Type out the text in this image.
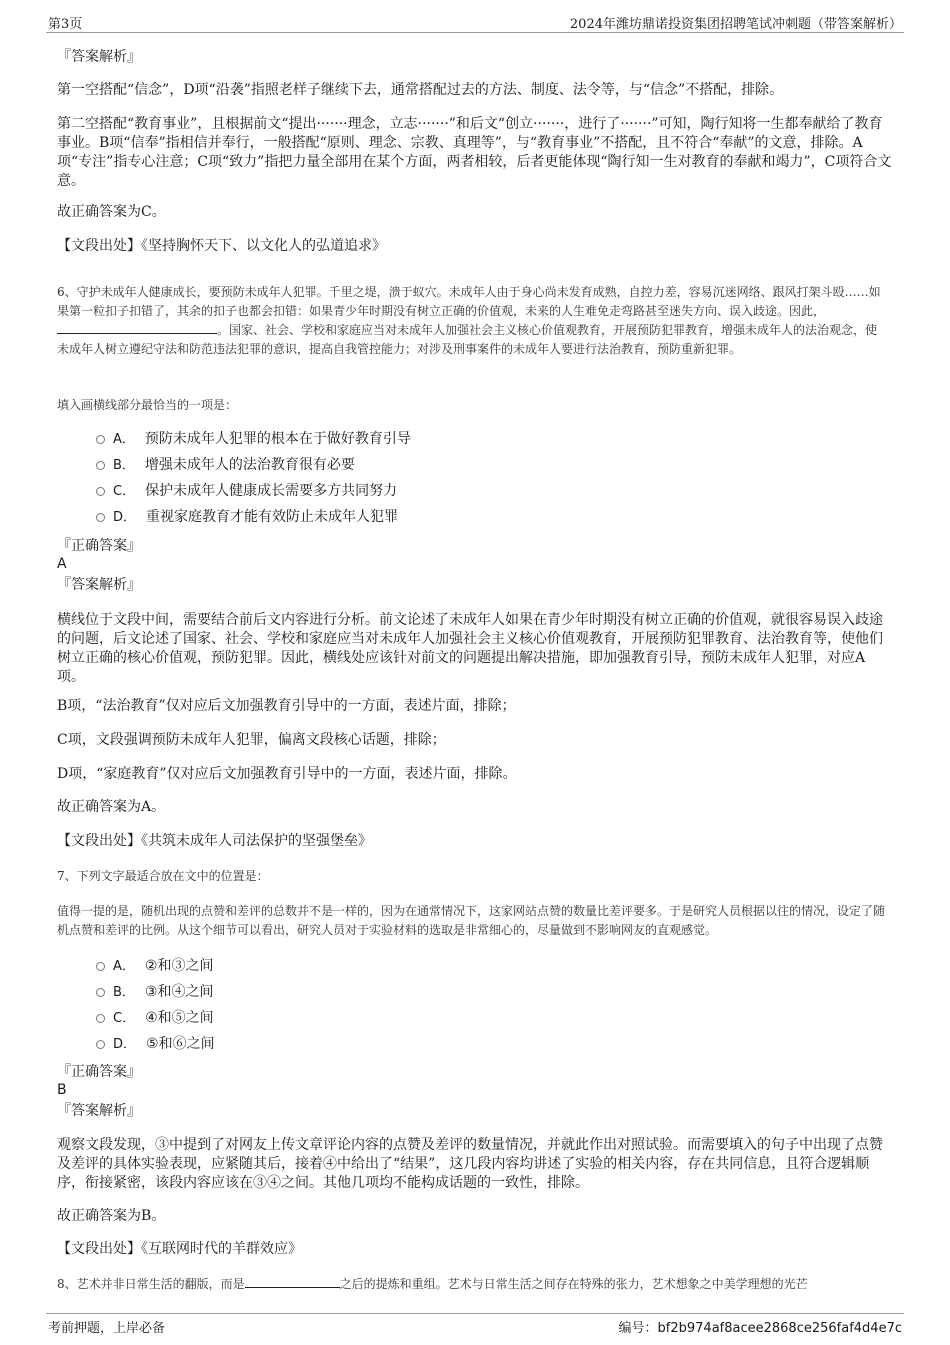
第3页	2024年潍坊鼎诺投资集团招聘笔试冲刺题（带答案解析）

『答案解析』

第一空搭配“信念”，D项“沿袭”指照老样子继续下去，通常搭配过去的方法、制度、法令等，与“信念”不搭配，排除。

第二空搭配“教育事业”，且根据前文“提出·······理念，立志·······”和后文“创立·······，进行了·······”可知，陶行知将一生都奉献给了教育事业。B项“信奉”指相信并奉行，一般搭配“原则、理念、宗教、真理等”，与“教育事业”不搭配，且不符合“奉献”的文意，排除。A项“专注”指专心注意；C项“致力”指把力量全部用在某个方面，两者相较，后者更能体现“陶行知一生对教育的奉献和竭力”，C项符合文意。

故正确答案为C。

【文段出处】《坚持胸怀天下、以文化人的弘道追求》

6、守护未成年人健康成长，要预防未成年人犯罪。千里之堤，溃于蚁穴。未成年人由于身心尚未发育成熟，自控力差，容易沉迷网络、跟风打架斗殴……如果第一粒扣子扣错了，其余的扣子也都会扣错：如果青少年时期没有树立正确的价值观，未来的人生难免走弯路甚至迷失方向、误入歧途。因此，。国家、社会、学校和家庭应当对未成年人加强社会主义核心价值观教育，开展预防犯罪教育，增强未成年人的法治观念，使未成年人树立遵纪守法和防范违法犯罪的意识，提高自我管控能力；对涉及刑事案件的未成年人要进行法治教育，预防重新犯罪。

填入画横线部分最恰当的一项是：

A． 预防未成年人犯罪的根本在于做好教育引导
B． 增强未成年人的法治教育很有必要
C． 保护未成年人健康成长需要多方共同努力
D． 重视家庭教育才能有效防止未成年人犯罪

『正确答案』

A

『答案解析』

横线位于文段中间，需要结合前后文内容进行分析。前文论述了未成年人如果在青少年时期没有树立正确的价值观，就很容易误入歧途的问题，后文论述了国家、社会、学校和家庭应当对未成年人加强社会主义核心价值观教育，开展预防犯罪教育、法治教育等，使他们树立正确的核心价值观，预防犯罪。因此，横线处应该针对前文的问题提出解决措施，即加强教育引导，预防未成年人犯罪，对应A项。

B项，“法治教育”仅对应后文加强教育引导中的一方面，表述片面，排除；

C项，文段强调预防未成年人犯罪，偏离文段核心话题，排除；

D项，“家庭教育”仅对应后文加强教育引导中的一方面，表述片面，排除。

故正确答案为A。

【文段出处】《共筑未成年人司法保护的坚强堡垒》

7、下列文字最适合放在文中的位置是：

值得一提的是，随机出现的点赞和差评的总数并不是一样的，因为在通常情况下，这家网站点赞的数量比差评要多。于是研究人员根据以往的情况，设定了随机点赞和差评的比例。从这个细节可以看出，研究人员对于实验材料的选取是非常细心的，尽量做到不影响网友的直观感觉。

A． ②和③之间
B． ③和④之间
C． ④和⑤之间
D． ⑤和⑥之间

『正确答案』

B

『答案解析』

观察文段发现，③中提到了对网友上传文章评论内容的点赞及差评的数量情况，并就此作出对照试验。而需要填入的句子中出现了点赞及差评的具体实验表现，应紧随其后，接着④中给出了“结果”，这几段内容均讲述了实验的相关内容，存在共同信息，且符合逻辑顺序，衔接紧密，该段内容应该在③④之间。其他几项均不能构成话题的一致性，排除。

故正确答案为B。

【文段出处】《互联网时代的羊群效应》

8、艺术并非日常生活的翻版，而是	之后的提炼和重组。艺术与日常生活之间存在特殊的张力，艺术想象之中美学理想的光芒

考前押题，上岸必备	编号：bf2b974af8acee2868ce256faf4d4e7c
